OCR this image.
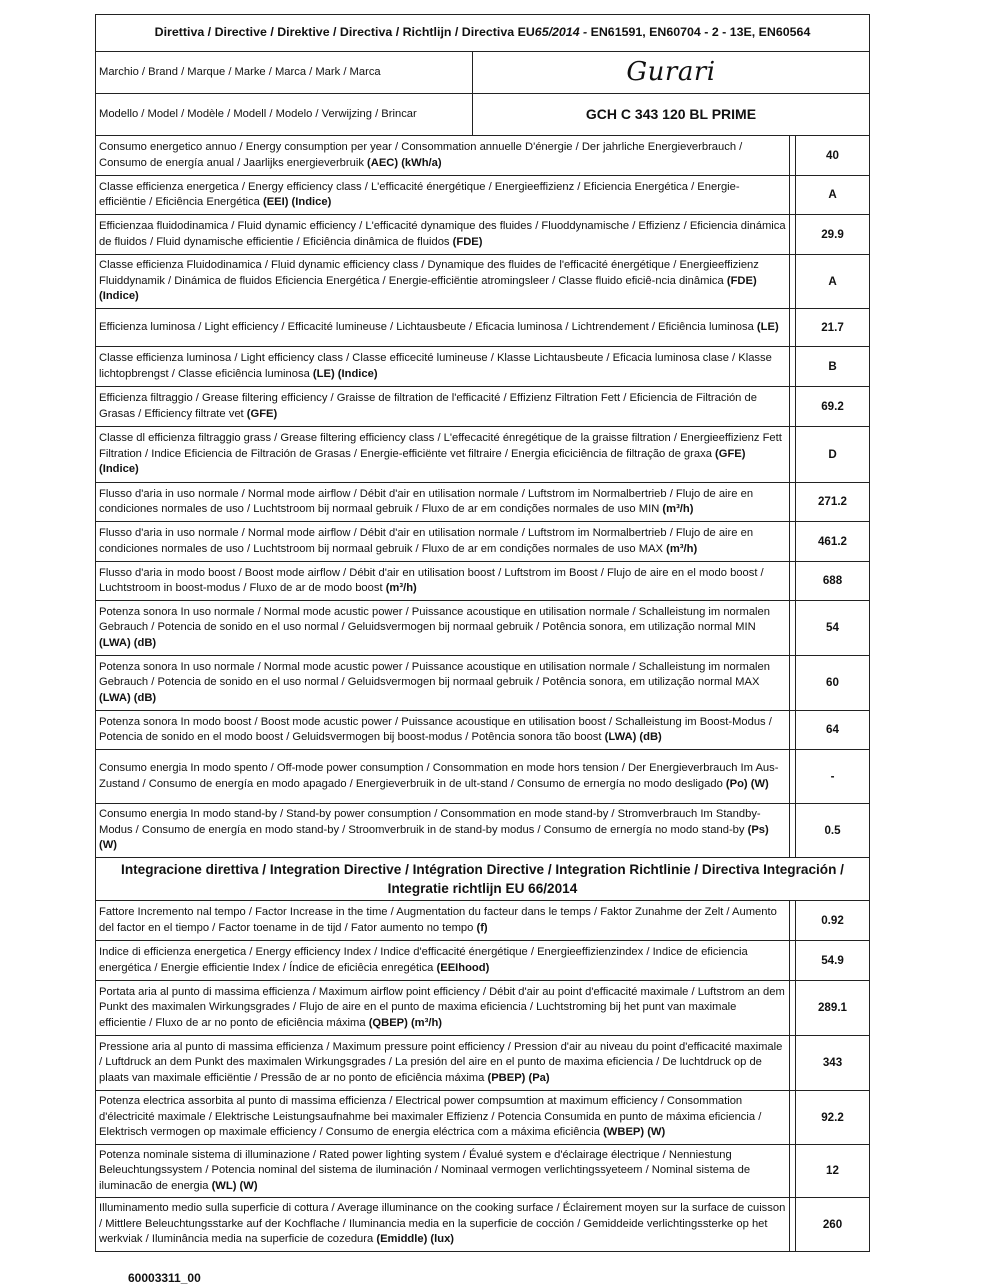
Direttiva / Directive / Direktive / Directiva / Richtlijn / Directiva EU65/2014 - EN61591, EN60704 - 2 - 13E, EN60564			
Marchio / Brand / Marque / Marke / Marca / Mark / Marca	Gurari		
Modello / Model / Modèle / Modell / Modelo / Verwijzing / Brincar	GCH C 343 120 BL PRIME		
Consumo energetico annuo / Energy consumption per year / Consommation annuelle D'énergie / Der jahrliche Energieverbrauch / Consumo de energía anual / Jaarlijks energieverbruik (AEC) (kWh/a)			40
Classe efficienza energetica / Energy efficiency class / L'efficacité énergétique / Energieeffizienz / Eficiencia Energética / Energie-efficiëntie / Eficiência Energética (EEI) (Indice)			A
Efficienzaa fluidodinamica / Fluid dynamic efficiency / L'efficacité dynamique des fluides / Fluoddynamische / Effizienz / Eficiencia dinámica de fluidos / Fluid dynamische efficientie / Eficiência dinâmica de fluidos (FDE)			29.9
Classe efficienza Fluidodinamica / Fluid dynamic efficiency class / Dynamique des fluides de l'efficacité énergétique / Energieeffizienz Fluiddynamik / Dinámica de fluidos Eficiencia Energética / Energie-efficiëntie atromingsleer / Classe fluido eficiê-ncia dinâmica (FDE) (Indice)			A
Efficienza luminosa / Light efficiency / Efficacité lumineuse / Lichtausbeute / Eficacia luminosa / Lichtrendement / Eficiência luminosa (LE)			21.7
Classe efficienza luminosa / Light efficiency class / Classe efficecité lumineuse / Klasse Lichtausbeute / Eficacia luminosa clase / Klasse lichtopbrengst / Classe eficiência luminosa (LE) (Indice)			B
Efficienza filtraggio / Grease filtering efficiency / Graisse de filtration de l'efficacité / Effizienz Filtration Fett / Eficiencia de Filtración de Grasas / Efficiency filtrate vet (GFE)			69.2
Classe dl efficienza filtraggio grass / Grease filtering efficiency class / L'effecacité énregétique de la graisse filtration / Energieeffizienz Fett Filtration / Indice Eficiencia de Filtración de Grasas / Energie-efficiënte vet filtraire / Energia eficiciência de filtração de graxa (GFE) (Indice)			D
Flusso d'aria in uso normale / Normal mode airflow / Débit d'air en utilisation normale / Luftstrom im Normalbertrieb / Flujo de aire en condiciones normales de uso / Luchtstroom bij normaal gebruik / Fluxo de ar em condições normales de uso MIN (m³/h)			271.2
Flusso d'aria in uso normale / Normal mode airflow / Débit d'air en utilisation normale / Luftstrom im Normalbertrieb / Flujo de aire en condiciones normales de uso / Luchtstroom bij normaal gebruik / Fluxo de ar em condições normales de uso MAX (m³/h)			461.2
Flusso d'aria in modo boost / Boost mode airflow / Débit d'air en utilisation boost / Luftstrom im Boost / Flujo de aire en el modo boost / Luchtstroom in boost-modus / Fluxo de ar de modo boost (m³/h)			688
Potenza sonora In uso normale / Normal mode acustic power / Puissance acoustique en utilisation normale / Schalleistung im normalen Gebrauch / Potencia de sonido en el uso normal / Geluidsvermogen bij normaal gebruik / Potência sonora, em utilização normal MIN (LWA) (dB)			54
Potenza sonora In uso normale / Normal mode acustic power / Puissance acoustique en utilisation normale / Schalleistung im normalen Gebrauch / Potencia de sonido en el uso normal / Geluidsvermogen bij normaal gebruik / Potência sonora, em utilização normal MAX (LWA) (dB)			60
Potenza sonora In modo boost / Boost mode acustic power / Puissance acoustique en utilisation boost / Schalleistung im Boost-Modus / Potencia de sonido en el modo boost / Geluidsvermogen bij boost-modus / Potência sonora tão boost (LWA) (dB)			64
Consumo energia In modo spento / Off-mode power consumption / Consommation en mode hors tension / Der Energieverbrauch Im Aus-Zustand / Consumo de energía en modo apagado / Energieverbruik in de ult-stand / Consumo de ernergía no modo desligado (Po) (W)			-
Consumo energia In modo stand-by / Stand-by power consumption / Consommation en mode stand-by / Stromverbrauch Im Standby-Modus / Consumo de energía en modo stand-by / Stroomverbruik in de stand-by modus / Consumo de ernergía no modo stand-by (Ps) (W)			0.5
Integracione direttiva / Integration Directive / Intégration Directive / Integration Richtlinie / Directiva Integración / Integratie richtlijn EU 66/2014			
Fattore Incremento nal tempo / Factor Increase in the time / Augmentation du facteur dans le temps / Faktor Zunahme der Zelt / Aumento del factor en el tiempo / Factor toename in de tijd / Fator aumento no tempo (f)			0.92
Indice di efficienza energetica / Energy efficiency Index / Indice d'efficacité énergétique / Energieeffizienzindex / Indice de eficiencia energética / Energie efficientie Index / Índice de eficiêcia enregética (EEIhood)			54.9
Portata aria al punto di massima efficienza / Maximum airflow point efficiency / Débit d'air au point d'efficacité maximale / Luftstrom an dem Punkt des maximalen Wirkungsgrades / Flujo de aire en el punto de maxima eficiencia / Luchtstroming bij het punt van maximale efficientie / Fluxo de ar no ponto de eficiência máxima (QBEP) (m³/h)			289.1
Pressione aria al punto di massima efficienza / Maximum pressure point efficiency / Pression d'air au niveau du point d'efficacité maximale / Luftdruck an dem Punkt des maximalen Wirkungsgrades / La presión del aire en el punto de maxima eficiencia / De luchtdruck op de plaats van maximale efficiëntie / Pressão de ar no ponto de eficiência máxima (PBEP) (Pa)			343
Potenza electrica assorbita al punto di massima efficienza / Electrical power compsumtion at maximum efficiency / Consommation d'électricité maximale / Elektrische Leistungsaufnahme bei maximaler Effizienz / Potencia Consumida en punto de máxima eficiencia / Elektrisch vermogen op maximale efficiency / Consumo de energia eléctrica com a máxima eficiência (WBEP) (W)			92.2
Potenza nominale sistema di illuminazione / Rated power lighting system / Évalué system e d'éclairage électrique / Nenniestung Beleuchtungssystem / Potencia nominal del sistema de iluminación / Nominaal vermogen verlichtingssyeteem / Nominal sistema de iluminacão de energia (WL) (W)			12
Illuminamento medio sulla superficie di cottura / Average illuminance on the cooking surface / Éclairement moyen sur la surface de cuisson / Mittlere Beleuchtungsstarke auf der Kochflache / Iluminancia media en la superficie de cocción / Gemiddeide verlichtingssterke op het werkviak / Iluminância media na superficie de cozedura (Emiddle) (lux)			260
60003311_00
